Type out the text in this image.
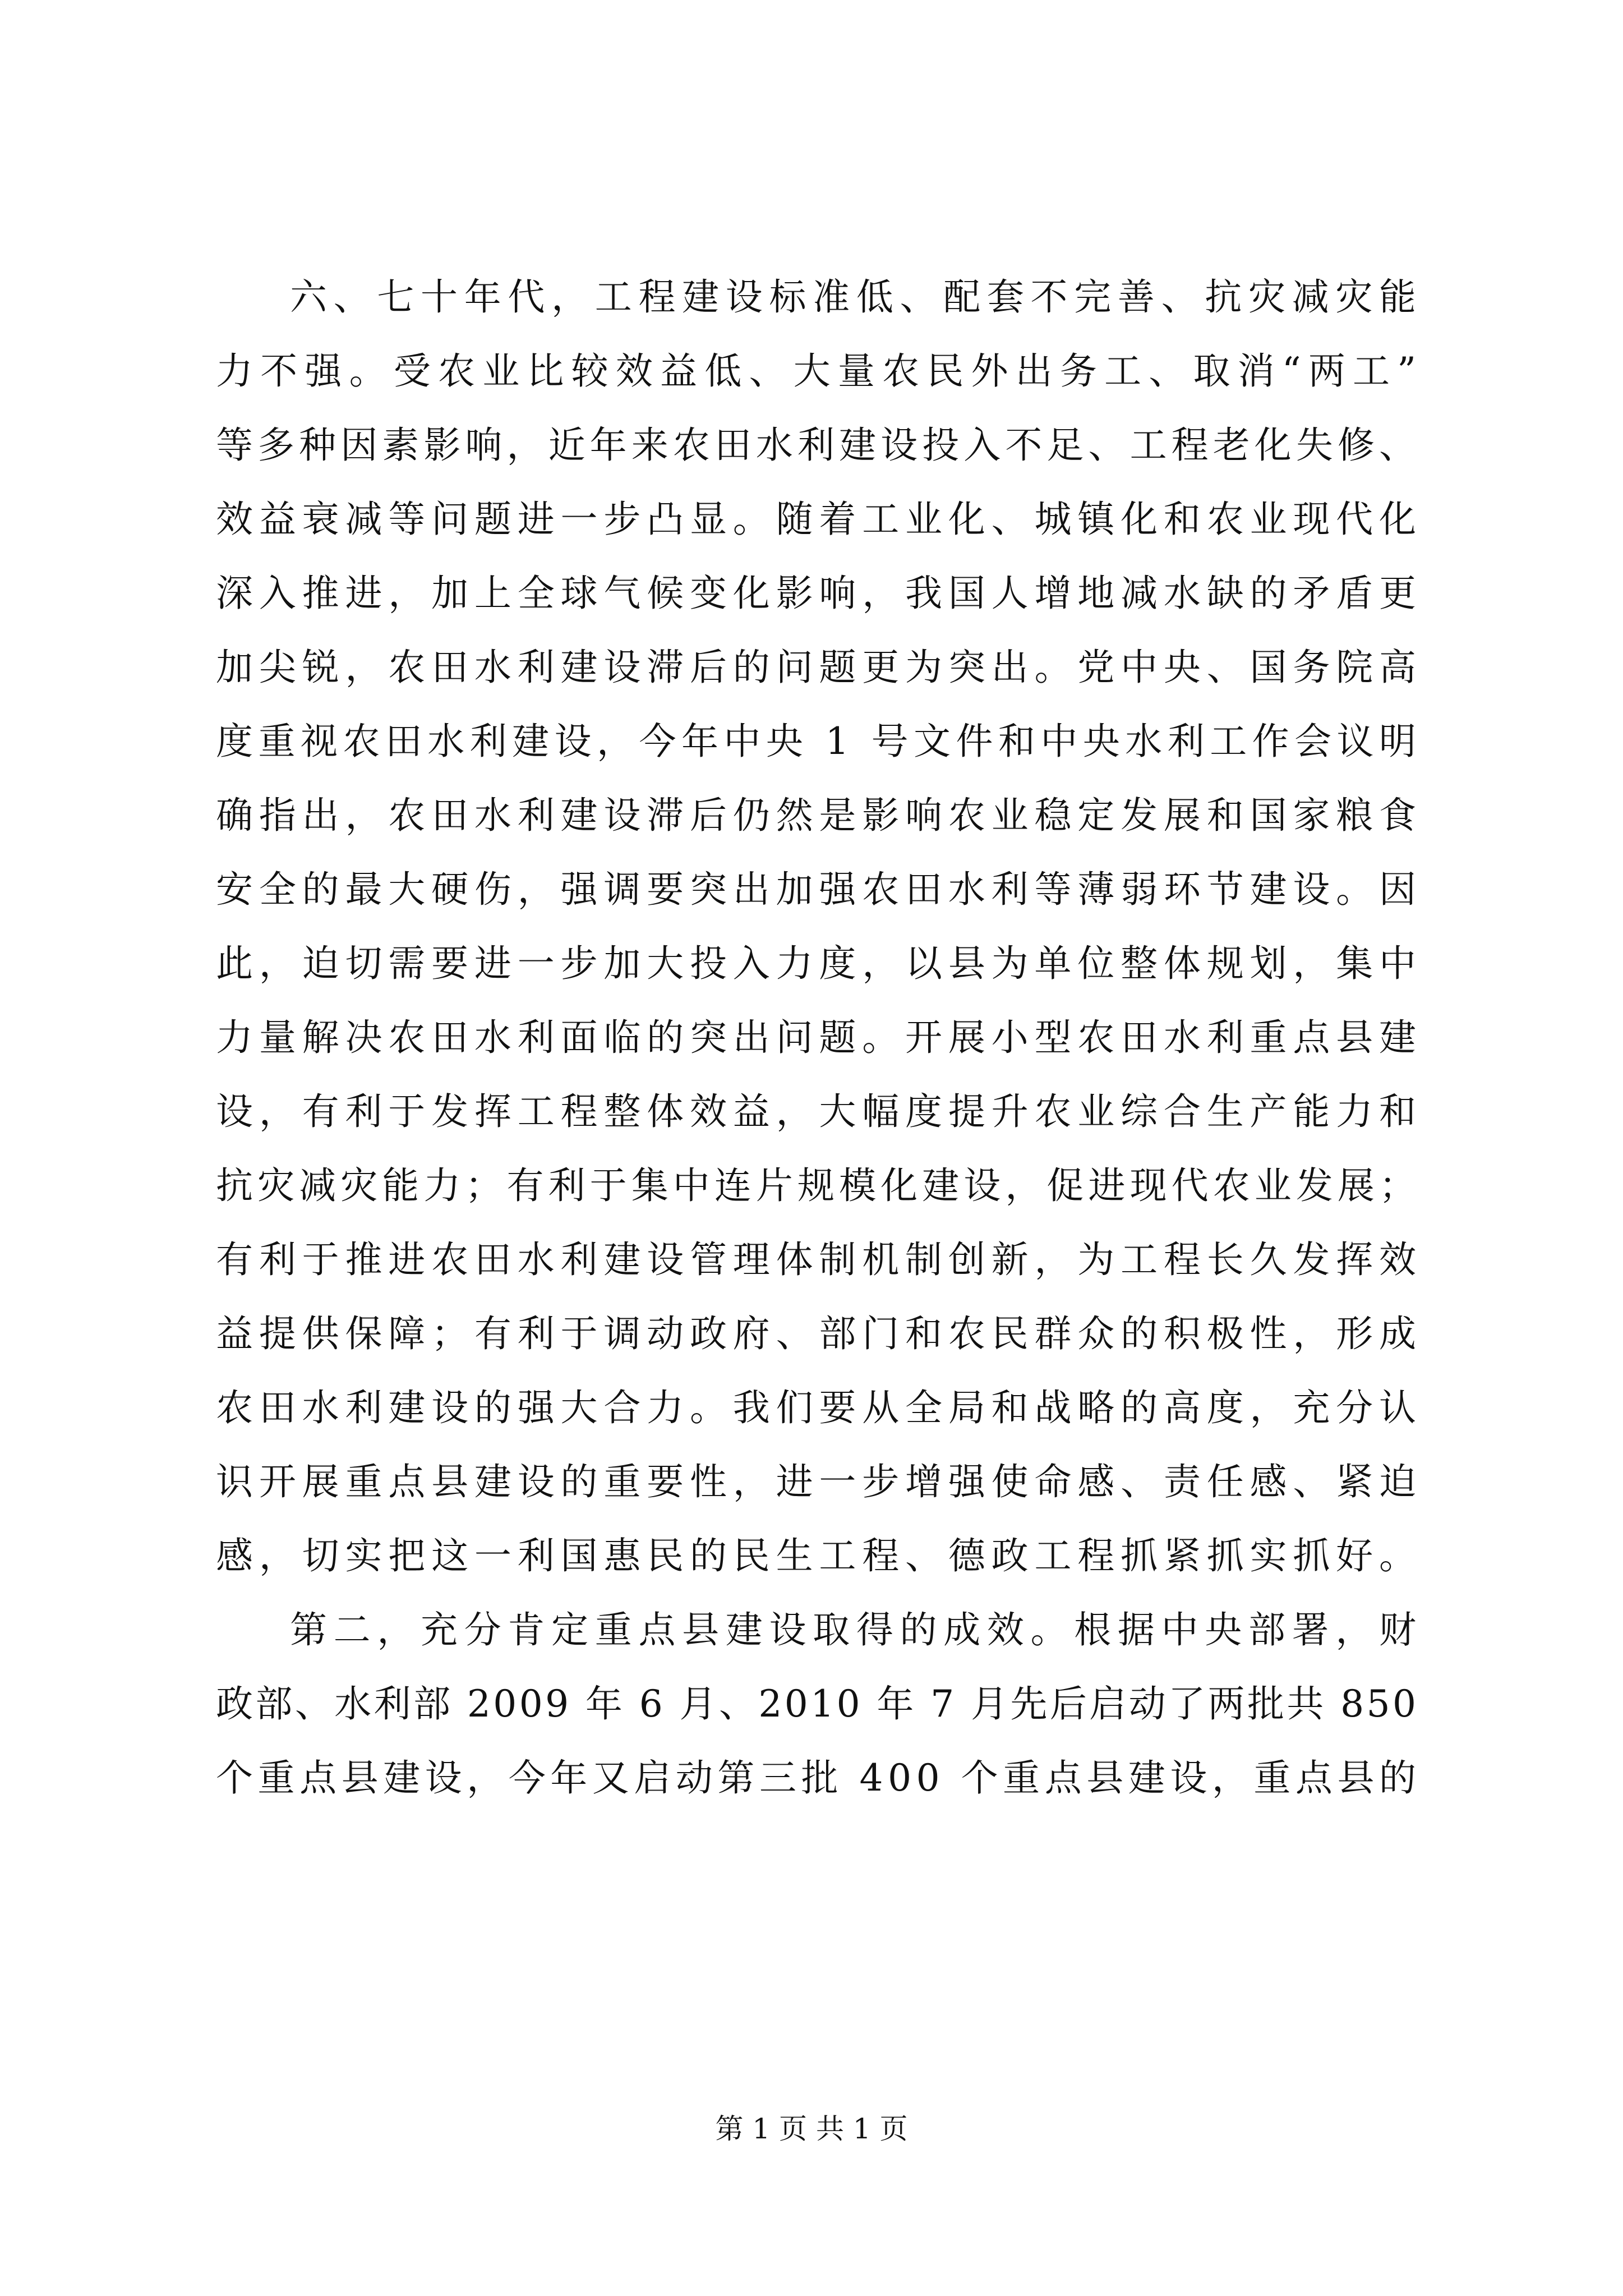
六、七十年代，工程建设标准低、配套不完善、抗灾减灾能
力不强。受农业比较效益低、大量农民外出务工、取消“两工”
等多种因素影响，近年来农田水利建设投入不足、工程老化失修、
效益衰减等问题进一步凸显。随着工业化、城镇化和农业现代化
深入推进，加上全球气候变化影响，我国人增地减水缺的矛盾更
加尖锐，农田水利建设滞后的问题更为突出。党中央、国务院高
度重视农田水利建设，今年中央 1 号文件和中央水利工作会议明
确指出，农田水利建设滞后仍然是影响农业稳定发展和国家粮食
安全的最大硬伤，强调要突出加强农田水利等薄弱环节建设。因
此，迫切需要进一步加大投入力度，以县为单位整体规划，集中
力量解决农田水利面临的突出问题。开展小型农田水利重点县建
设，有利于发挥工程整体效益，大幅度提升农业综合生产能力和
抗灾减灾能力；有利于集中连片规模化建设，促进现代农业发展；
有利于推进农田水利建设管理体制机制创新，为工程长久发挥效
益提供保障；有利于调动政府、部门和农民群众的积极性，形成
农田水利建设的强大合力。我们要从全局和战略的高度，充分认
识开展重点县建设的重要性，进一步增强使命感、责任感、紧迫
感，切实把这一利国惠民的民生工程、德政工程抓紧抓实抓好。
第二，充分肯定重点县建设取得的成效。根据中央部署，财
政部、水利部 2009 年 6 月、2010 年 7 月先后启动了两批共 850
个重点县建设，今年又启动第三批 400 个重点县建设，重点县的
第 1 页 共 1 页
